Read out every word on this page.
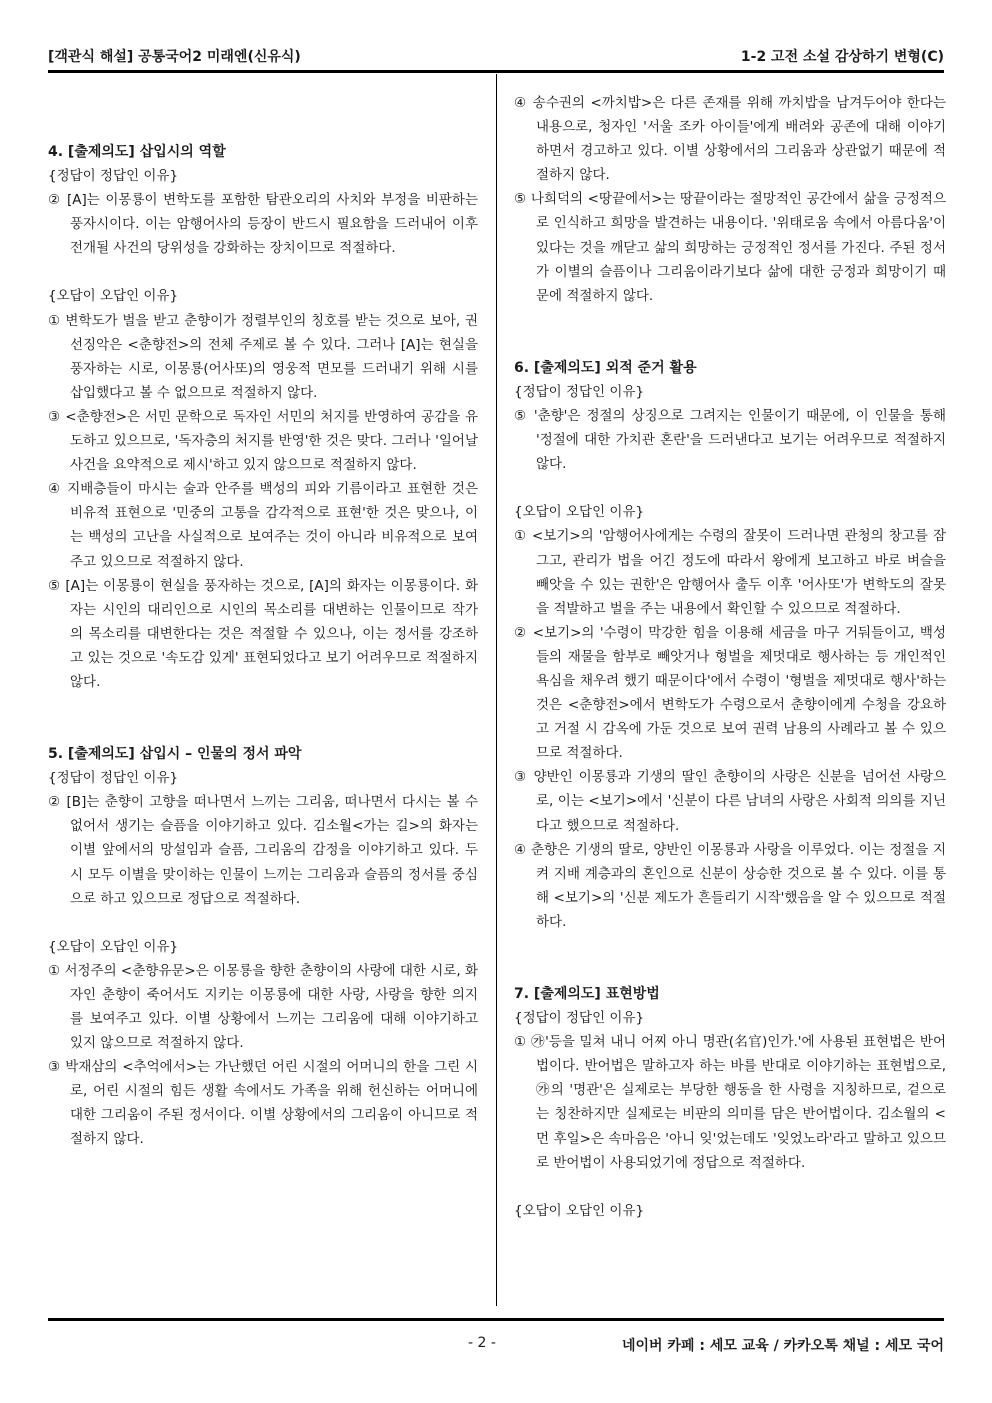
[객관식 해설] 공통국어2 미래엔(신유식)	1-2 고전 소설 감상하기 변형(C)

4. [출제의도] 삽입시의 역할

{정답이 정답인 이유}

② [A]는 이몽룡이 변학도를 포함한 탐관오리의 사치와 부정을 비판하는 풍자시이다. 이는 암행어사의 등장이 반드시 필요함을 드러내어 이후 전개될 사건의 당위성을 강화하는 장치이므로 적절하다.

{오답이 오답인 이유}

① 변학도가 벌을 받고 춘향이가 정렬부인의 칭호를 받는 것으로 보아, 권선징악은 <춘향전>의 전체 주제로 볼 수 있다. 그러나 [A]는 현실을 풍자하는 시로, 이몽룡(어사또)의 영웅적 면모를 드러내기 위해 시를 삽입했다고 볼 수 없으므로 적절하지 않다.

③ <춘향전>은 서민 문학으로 독자인 서민의 처지를 반영하여 공감을 유도하고 있으므로, '독자층의 처지를 반영'한 것은 맞다. 그러나 '일어날 사건을 요약적으로 제시'하고 있지 않으므로 적절하지 않다.

④ 지배층들이 마시는 술과 안주를 백성의 피와 기름이라고 표현한 것은 비유적 표현으로 '민중의 고통을 감각적으로 표현'한 것은 맞으나, 이는 백성의 고난을 사실적으로 보여주는 것이 아니라 비유적으로 보여주고 있으므로 적절하지 않다.

⑤ [A]는 이몽룡이 현실을 풍자하는 것으로, [A]의 화자는 이몽룡이다. 화자는 시인의 대리인으로 시인의 목소리를 대변하는 인물이므로 작가의 목소리를 대변한다는 것은 적절할 수 있으나, 이는 정서를 강조하고 있는 것으로 '속도감 있게' 표현되었다고 보기 어려우므로 적절하지 않다.

5. [출제의도] 삽입시 – 인물의 정서 파악

{정답이 정답인 이유}

② [B]는 춘향이 고향을 떠나면서 느끼는 그리움, 떠나면서 다시는 볼 수 없어서 생기는 슬픔을 이야기하고 있다. 김소월<가는 길>의 화자는 이별 앞에서의 망설임과 슬픔, 그리움의 감정을 이야기하고 있다. 두 시 모두 이별을 맞이하는 인물이 느끼는 그리움과 슬픔의 정서를 중심으로 하고 있으므로 정답으로 적절하다.

{오답이 오답인 이유}

① 서정주의 <춘향유문>은 이몽룡을 향한 춘향이의 사랑에 대한 시로, 화자인 춘향이 죽어서도 지키는 이몽룡에 대한 사랑, 사랑을 향한 의지를 보여주고 있다. 이별 상황에서 느끼는 그리움에 대해 이야기하고 있지 않으므로 적절하지 않다.

③ 박재삼의 <추억에서>는 가난했던 어린 시절의 어머니의 한을 그린 시로, 어린 시절의 힘든 생활 속에서도 가족을 위해 헌신하는 어머니에 대한 그리움이 주된 정서이다. 이별 상황에서의 그리움이 아니므로 적절하지 않다.

④ 송수권의 <까치밥>은 다른 존재를 위해 까치밥을 남겨두어야 한다는 내용으로, 청자인 '서울 조카 아이들'에게 배려와 공존에 대해 이야기하면서 경고하고 있다. 이별 상황에서의 그리움과 상관없기 때문에 적절하지 않다.

⑤ 나희덕의 <땅끝에서>는 땅끝이라는 절망적인 공간에서 삶을 긍정적으로 인식하고 희망을 발견하는 내용이다. '위태로움 속에서 아름다움'이 있다는 것을 깨닫고 삶의 희망하는 긍정적인 정서를 가진다. 주된 정서가 이별의 슬픔이나 그리움이라기보다 삶에 대한 긍정과 희망이기 때문에 적절하지 않다.

6. [출제의도] 외적 준거 활용

{정답이 정답인 이유}

⑤ '춘향'은 정절의 상징으로 그려지는 인물이기 때문에, 이 인물을 통해 '정절에 대한 가치관 혼란'을 드러낸다고 보기는 어려우므로 적절하지 않다.

{오답이 오답인 이유}

① <보기>의 '암행어사에게는 수령의 잘못이 드러나면 관청의 창고를 잠그고, 관리가 법을 어긴 정도에 따라서 왕에게 보고하고 바로 벼슬을 빼앗을 수 있는 권한'은 암행어사 출두 이후 '어사또'가 변학도의 잘못을 적발하고 벌을 주는 내용에서 확인할 수 있으므로 적절하다.

② <보기>의 '수령이 막강한 힘을 이용해 세금을 마구 거둬들이고, 백성들의 재물을 함부로 빼앗거나 형벌을 제멋대로 행사하는 등 개인적인 욕심을 채우려 했기 때문이다'에서 수령이 '형벌을 제멋대로 행사'하는 것은 <춘향전>에서 변학도가 수령으로서 춘향이에게 수청을 강요하고 거절 시 감옥에 가둔 것으로 보여 권력 남용의 사례라고 볼 수 있으므로 적절하다.

③ 양반인 이몽룡과 기생의 딸인 춘향이의 사랑은 신분을 넘어선 사랑으로, 이는 <보기>에서 '신분이 다른 남녀의 사랑은 사회적 의의를 지닌다고 했으므로 적절하다.

④ 춘향은 기생의 딸로, 양반인 이몽룡과 사랑을 이루었다. 이는 정절을 지켜 지배 계층과의 혼인으로 신분이 상승한 것으로 볼 수 있다. 이를 통해 <보기>의 '신분 제도가 흔들리기 시작'했음을 알 수 있으므로 적절하다.

7. [출제의도] 표현방법

{정답이 정답인 이유}

① ㉮'등을 밀쳐 내니 어찌 아니 명관(名官)인가.'에 사용된 표현법은 반어법이다. 반어법은 말하고자 하는 바를 반대로 이야기하는 표현법으로, ㉮의 '명관'은 실제로는 부당한 행동을 한 사령을 지칭하므로, 겉으로는 칭찬하지만 실제로는 비판의 의미를 담은 반어법이다. 김소월의 <먼 후일>은 속마음은 '아니 잊'었는데도 '잊었노라'라고 말하고 있으므로 반어법이 사용되었기에 정답으로 적절하다.

{오답이 오답인 이유}

- 2 -	네이버 카페 : 세모 교육 / 카카오톡 채널 : 세모 국어
